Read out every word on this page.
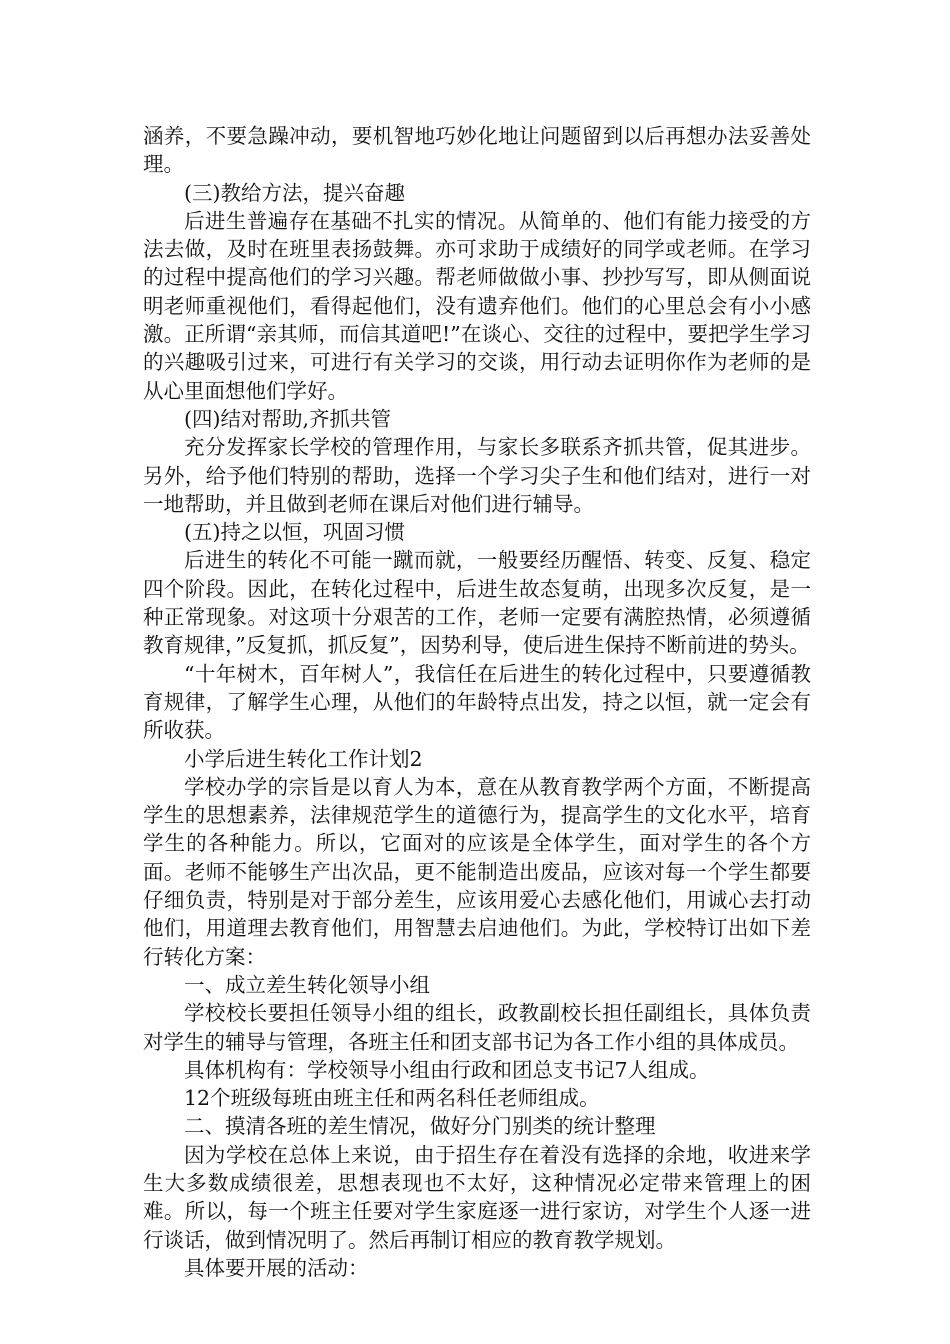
涵养，不要急躁冲动，要机智地巧妙化地让问题留到以后再想办法妥善处理。

(三)教给方法，提兴奋趣

后进生普遍存在基础不扎实的情况。从简单的、他们有能力接受的方法去做，及时在班里表扬鼓舞。亦可求助于成绩好的同学或老师。在学习的过程中提高他们的学习兴趣。帮老师做做小事、抄抄写写，即从侧面说明老师重视他们，看得起他们，没有遗弃他们。他们的心里总会有小小感激。正所谓“亲其师，而信其道吧!”在谈心、交往的过程中，要把学生学习的兴趣吸引过来，可进行有关学习的交谈，用行动去证明你作为老师的是从心里面想他们学好。

(四)结对帮助,齐抓共管

充分发挥家长学校的管理作用，与家长多联系齐抓共管，促其进步。另外，给予他们特别的帮助，选择一个学习尖子生和他们结对，进行一对一地帮助，并且做到老师在课后对他们进行辅导。

(五)持之以恒，巩固习惯

后进生的转化不可能一蹴而就，一般要经历醒悟、转变、反复、稳定四个阶段。因此，在转化过程中，后进生故态复萌，出现多次反复，是一种正常现象。对这项十分艰苦的工作，老师一定要有满腔热情，必须遵循教育规律，”反复抓，抓反复”，因势利导，使后进生保持不断前进的势头。

“十年树木，百年树人”，我信任在后进生的转化过程中，只要遵循教育规律，了解学生心理，从他们的年龄特点出发，持之以恒，就一定会有所收获。

小学后进生转化工作计划2

学校办学的宗旨是以育人为本，意在从教育教学两个方面，不断提高学生的思想素养，法律规范学生的道德行为，提高学生的文化水平，培育学生的各种能力。所以，它面对的应该是全体学生，面对学生的各个方面。老师不能够生产出次品，更不能制造出废品，应该对每一个学生都要仔细负责，特别是对于部分差生，应该用爱心去感化他们，用诚心去打动他们，用道理去教育他们，用智慧去启迪他们。为此，学校特订出如下差行转化方案：

一、成立差生转化领导小组

学校校长要担任领导小组的组长，政教副校长担任副组长，具体负责对学生的辅导与管理，各班主任和团支部书记为各工作小组的具体成员。

具体机构有：学校领导小组由行政和团总支书记7人组成。

12个班级每班由班主任和两名科任老师组成。

二、摸清各班的差生情况，做好分门别类的统计整理

因为学校在总体上来说，由于招生存在着没有选择的余地，收进来学生大多数成绩很差，思想表现也不太好，这种情况必定带来管理上的困难。所以，每一个班主任要对学生家庭逐一进行家访，对学生个人逐一进行谈话，做到情况明了。然后再制订相应的教育教学规划。

具体要开展的活动：
